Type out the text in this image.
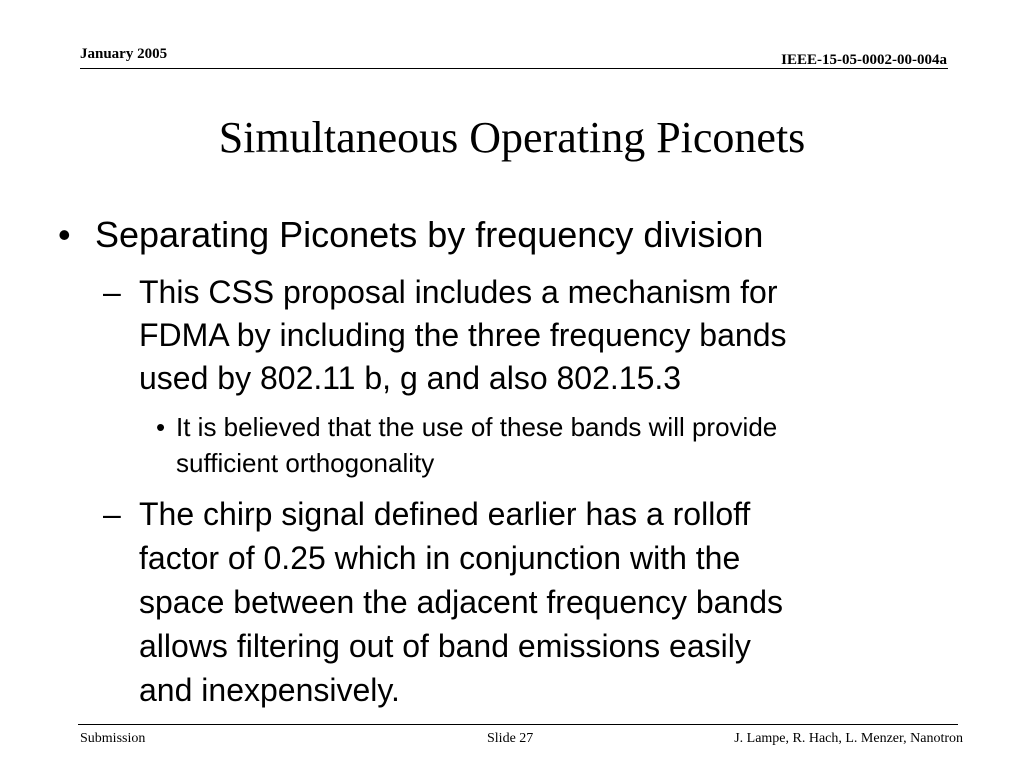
January 2005	IEEE-15-05-0002-00-004a
Simultaneous Operating Piconets
• Separating Piconets by frequency division
– This CSS proposal includes a mechanism for
FDMA by including the three frequency bands
used by 802.11 b, g and also 802.15.3
• It is believed that the use of these bands will provide
sufficient orthogonality
– The chirp signal defined earlier has a rolloff
factor of 0.25 which in conjunction with the
space between the adjacent frequency bands
allows filtering out of band emissions easily
and inexpensively.
Submission	Slide 27	J. Lampe, R. Hach, L. Menzer, Nanotron
